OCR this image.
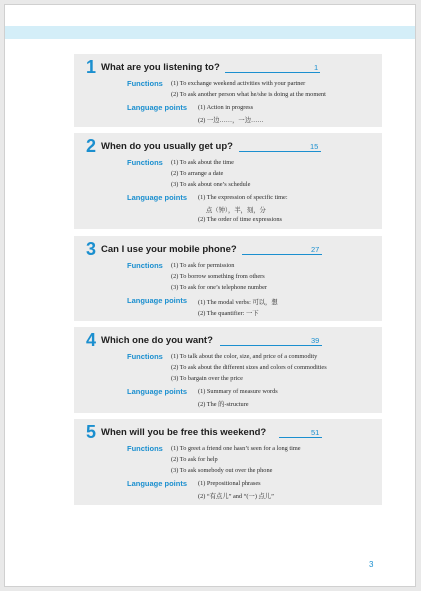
1 What are you listening to?	1
Functions (1) To exchange weekend activities with your partner
(2) To ask another person what he/she is doing at the moment
Language points (1) Action in progress
(2) 一边……，一边……
2 When do you usually get up?	15
Functions (1) To ask about the time
(2) To arrange a date
(3) To ask about one’s schedule
Language points (1) The expression of specific time:
点（钟），半，刻，分
(2) The order of time expressions
3 Can I use your mobile phone?	27
Functions (1) To ask for permission
(2) To borrow something from others
(3) To ask for one’s telephone number
Language points (1) The modal verbs: 可以，想
(2) The quantifier: 一下
4 Which one do you want?	39
Functions (1) To talk about the color, size, and price of a commodity
(2) To ask about the different sizes and colors of commodities
(3) To bargain over the price
Language points (1) Summary of measure words
(2) The 的-structure
5 When will you be free this weekend?	51
Functions (1) To greet a friend one hasn’t seen for a long time
(2) To ask for help
(3) To ask somebody out over the phone
Language points (1) Prepositional phrases
(2) “有点儿” and “(一) 点儿”
3
